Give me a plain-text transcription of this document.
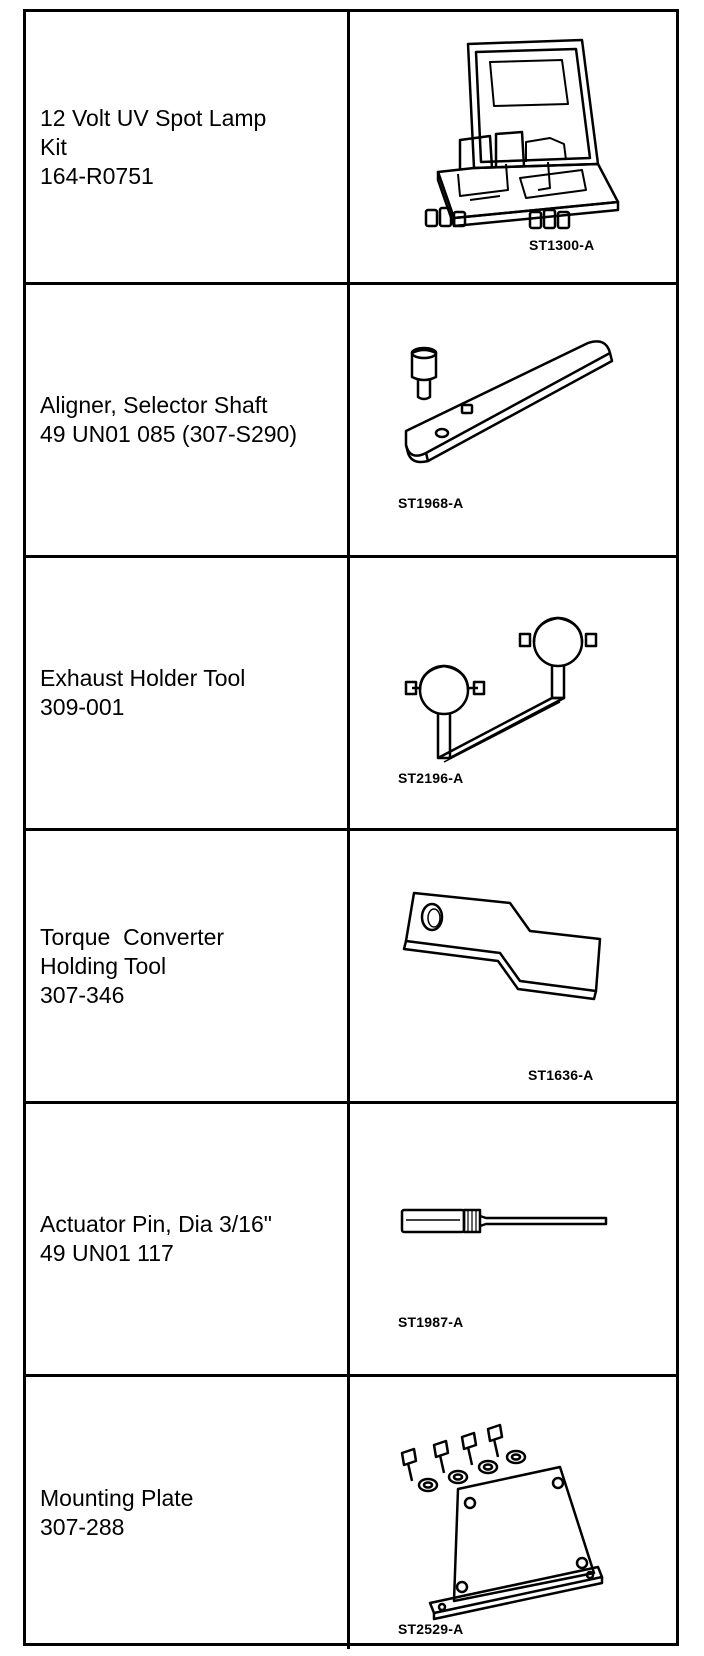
12 Volt UV Spot Lamp
Kit
164-R0751
ST1300-A
Aligner, Selector Shaft
49 UN01 085 (307-S290)
ST1968-A
Exhaust Holder Tool
309-001
ST2196-A
Torque  Converter
Holding Tool
307-346
ST1636-A
Actuator Pin, Dia 3/16"
49 UN01 117
ST1987-A
Mounting Plate
307-288
ST2529-A
